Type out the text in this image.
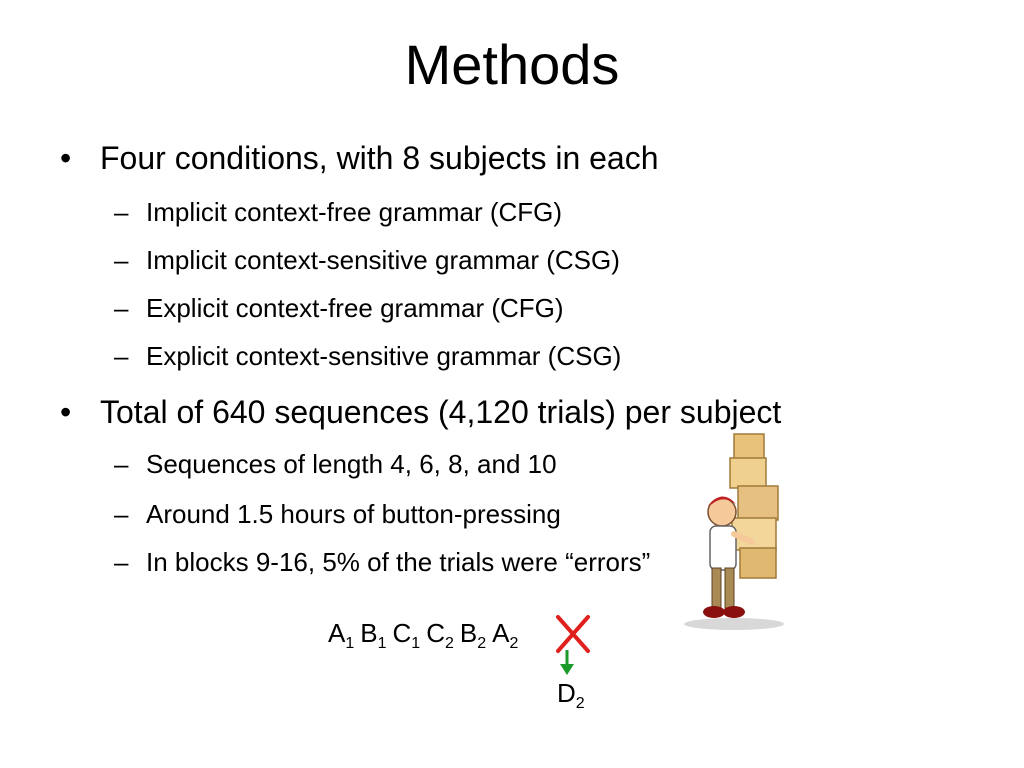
Methods
• Four conditions, with 8 subjects in each
– Implicit context-free grammar (CFG)
– Implicit context-sensitive grammar (CSG)
– Explicit context-free grammar (CFG)
– Explicit context-sensitive grammar (CSG)
• Total of 640 sequences (4,120 trials) per subject
– Sequences of length 4, 6, 8, and 10
– Around 1.5 hours of button-pressing
– In blocks 9-16, 5% of the trials were “errors”
$A_1$ $B_1$ $C_1$ $C_2$ $B_2$ $A_2$
$D_2$
